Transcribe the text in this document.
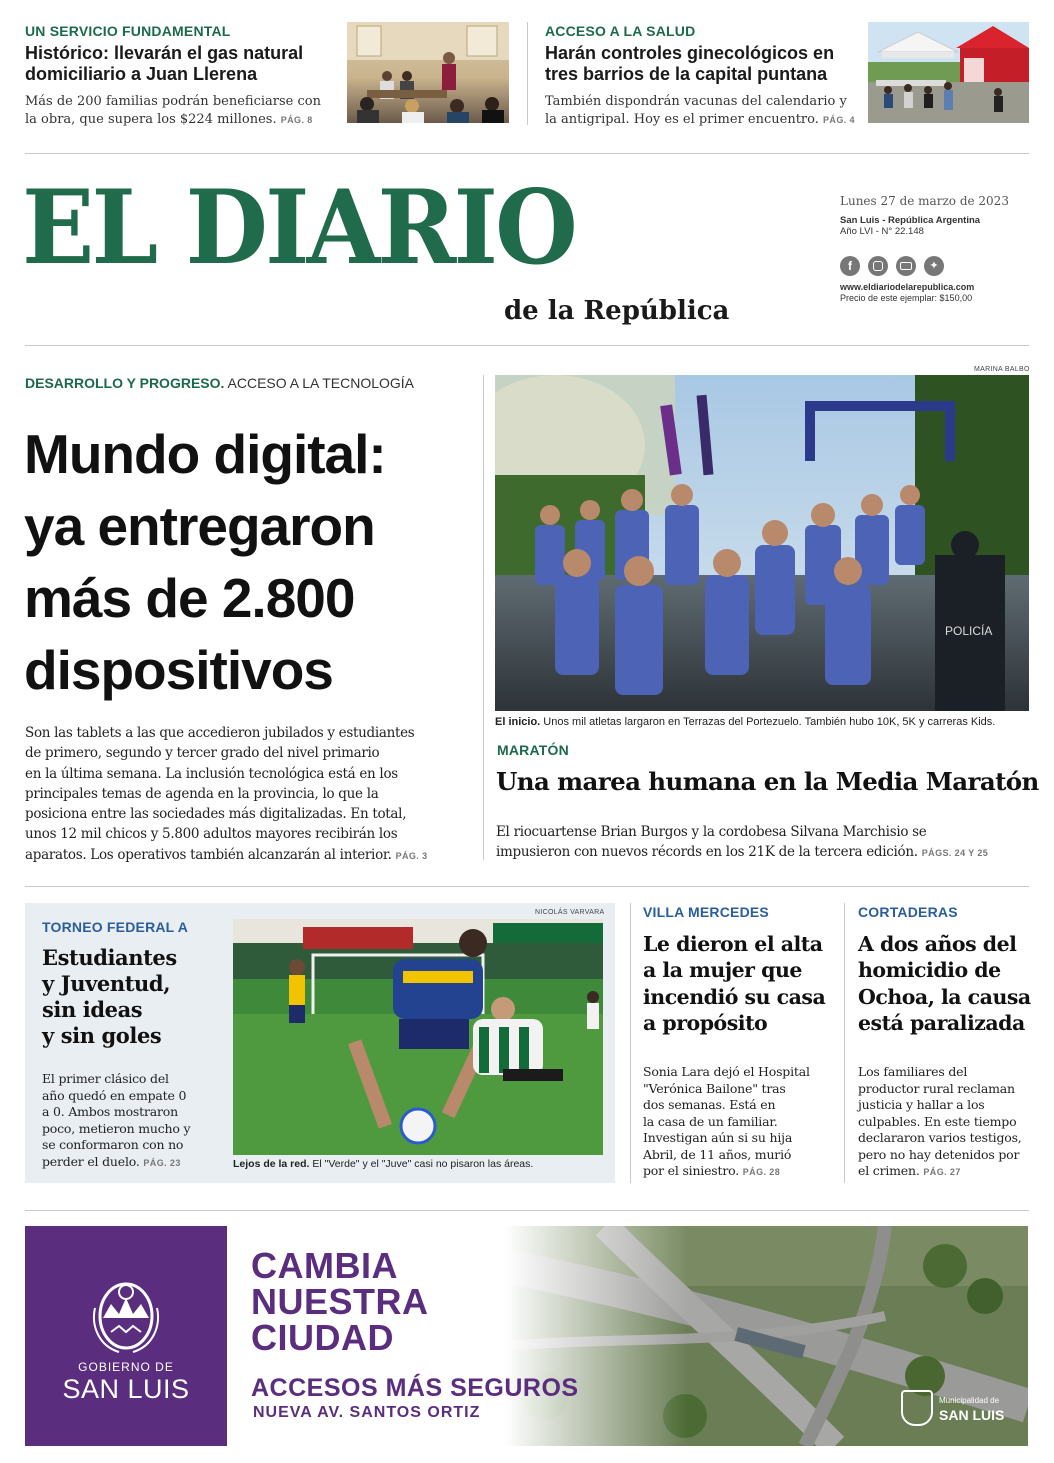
UN SERVICIO FUNDAMENTAL
Histórico: llevarán el gas natural
domiciliario a Juan Llerena
Más de 200 familias podrán beneficiarse con
la obra, que supera los $224 millones. PÁG. 8
ACCESO A LA SALUD
Harán controles ginecológicos en
tres barrios de la capital puntana
También dispondrán vacunas del calendario y
la antigripal. Hoy es el primer encuentro. PÁG. 4
EL DIARIO
de la República
Lunes 27 de marzo de 2023
San Luis - República Argentina
Año LVI - N° 22.148
f	✦
www.eldiariodelarepublica.com
Precio de este ejemplar: $150,00
DESARROLLO Y PROGRESO. ACCESO A LA TECNOLOGÍA
Mundo digital:
ya entregaron
más de 2.800
dispositivos
Son las tablets a las que accedieron jubilados y estudiantes
de primero, segundo y tercer grado del nivel primario
en la última semana. La inclusión tecnológica está en los
principales temas de agenda en la provincia, lo que la
posiciona entre las sociedades más digitalizadas. En total,
unos 12 mil chicos y 5.800 adultos mayores recibirán los
aparatos. Los operativos también alcanzarán al interior. PÁG. 3
MARINA BALBO
POLICÍA
El inicio. Unos mil atletas largaron en Terrazas del Portezuelo. También hubo 10K, 5K y carreras Kids.
MARATÓN
Una marea humana en la Media Maratón
El riocuartense Brian Burgos y la cordobesa Silvana Marchisio se
impusieron con nuevos récords en los 21K de la tercera edición. PÁGS. 24 Y 25
TORNEO FEDERAL A
Estudiantes
y Juventud,
sin ideas
y sin goles
El primer clásico del
año quedó en empate 0
a 0. Ambos mostraron
poco, metieron mucho y
se conformaron con no
perder el duelo. PÁG. 23
NICOLÁS VARVARA
Lejos de la red. El "Verde" y el "Juve" casi no pisaron las áreas.
VILLA MERCEDES
Le dieron el alta
a la mujer que
incendió su casa
a propósito
Sonia Lara dejó el Hospital
"Verónica Bailone" tras
dos semanas. Está en
la casa de un familiar.
Investigan aún si su hija
Abril, de 11 años, murió
por el siniestro. PÁG. 28
CORTADERAS
A dos años del
homicidio de
Ochoa, la causa
está paralizada
Los familiares del
productor rural reclaman
justicia y hallar a los
culpables. En este tiempo
declararon varios testigos,
pero no hay detenidos por
el crimen. PÁG. 27
GOBIERNO DE
SAN LUIS
CAMBIA
NUESTRA
CIUDAD
ACCESOS MÁS SEGUROS
NUEVA AV. SANTOS ORTIZ
Municipalidad de
SAN LUIS
